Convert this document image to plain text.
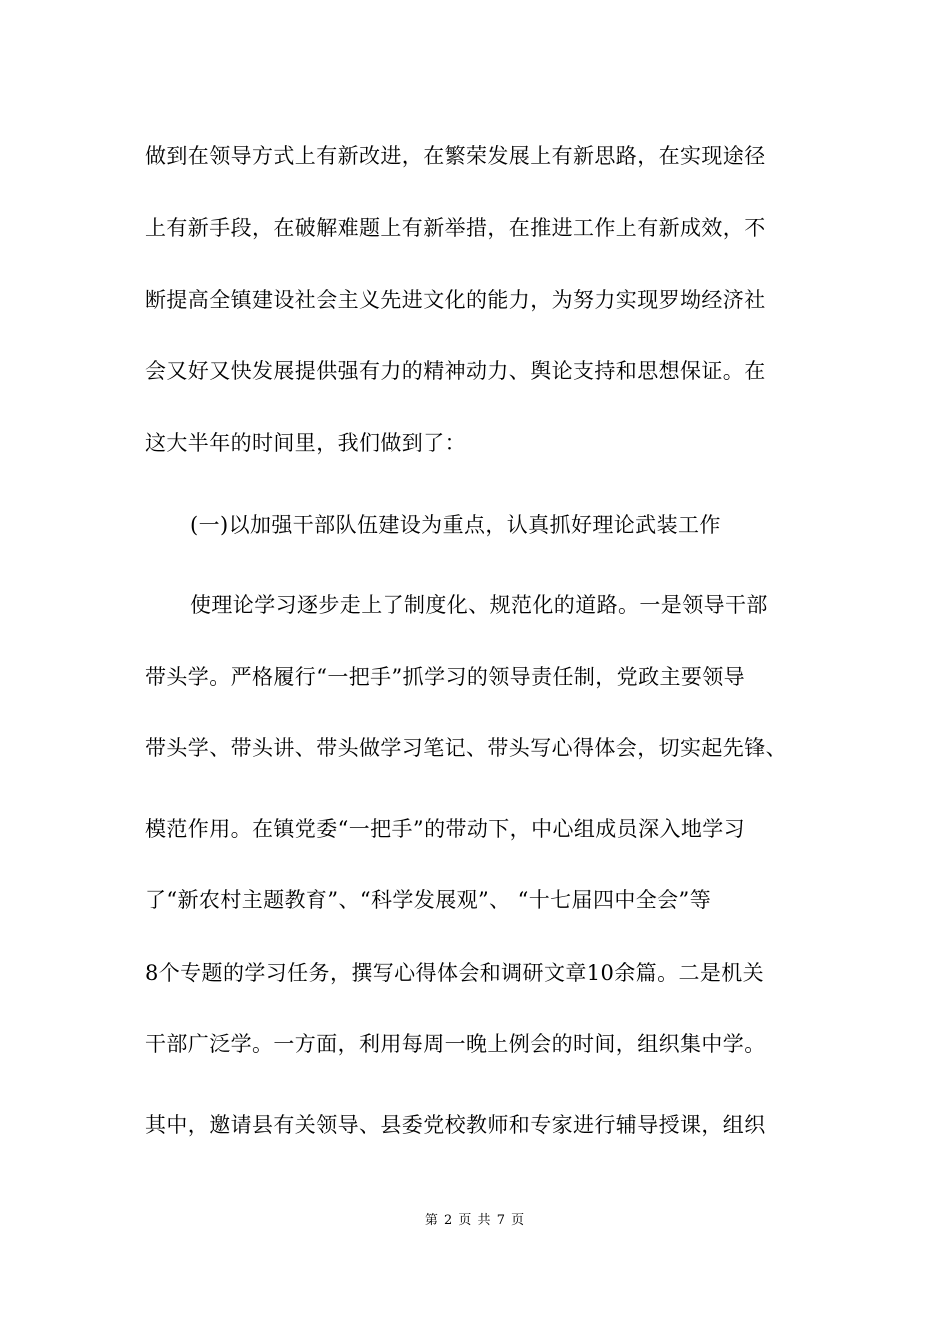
做到在领导方式上有新改进，在繁荣发展上有新思路，在实现途径
上有新手段，在破解难题上有新举措，在推进工作上有新成效，不
断提高全镇建设社会主义先进文化的能力，为努力实现罗坳经济社
会又好又快发展提供强有力的精神动力、舆论支持和思想保证。在
这大半年的时间里，我们做到了：
(一)以加强干部队伍建设为重点，认真抓好理论武装工作
使理论学习逐步走上了制度化、规范化的道路。一是领导干部
带头学。严格履行“一把手”抓学习的领导责任制，党政主要领导
带头学、带头讲、带头做学习笔记、带头写心得体会，切实起先锋、
模范作用。在镇党委“一把手”的带动下，中心组成员深入地学习
了“新农村主题教育”、“科学发展观”、 “十七届四中全会”等
8个专题的学习任务，撰写心得体会和调研文章10余篇。二是机关
干部广泛学。一方面，利用每周一晚上例会的时间，组织集中学。
其中，邀请县有关领导、县委党校教师和专家进行辅导授课，组织
第 2 页 共 7 页
